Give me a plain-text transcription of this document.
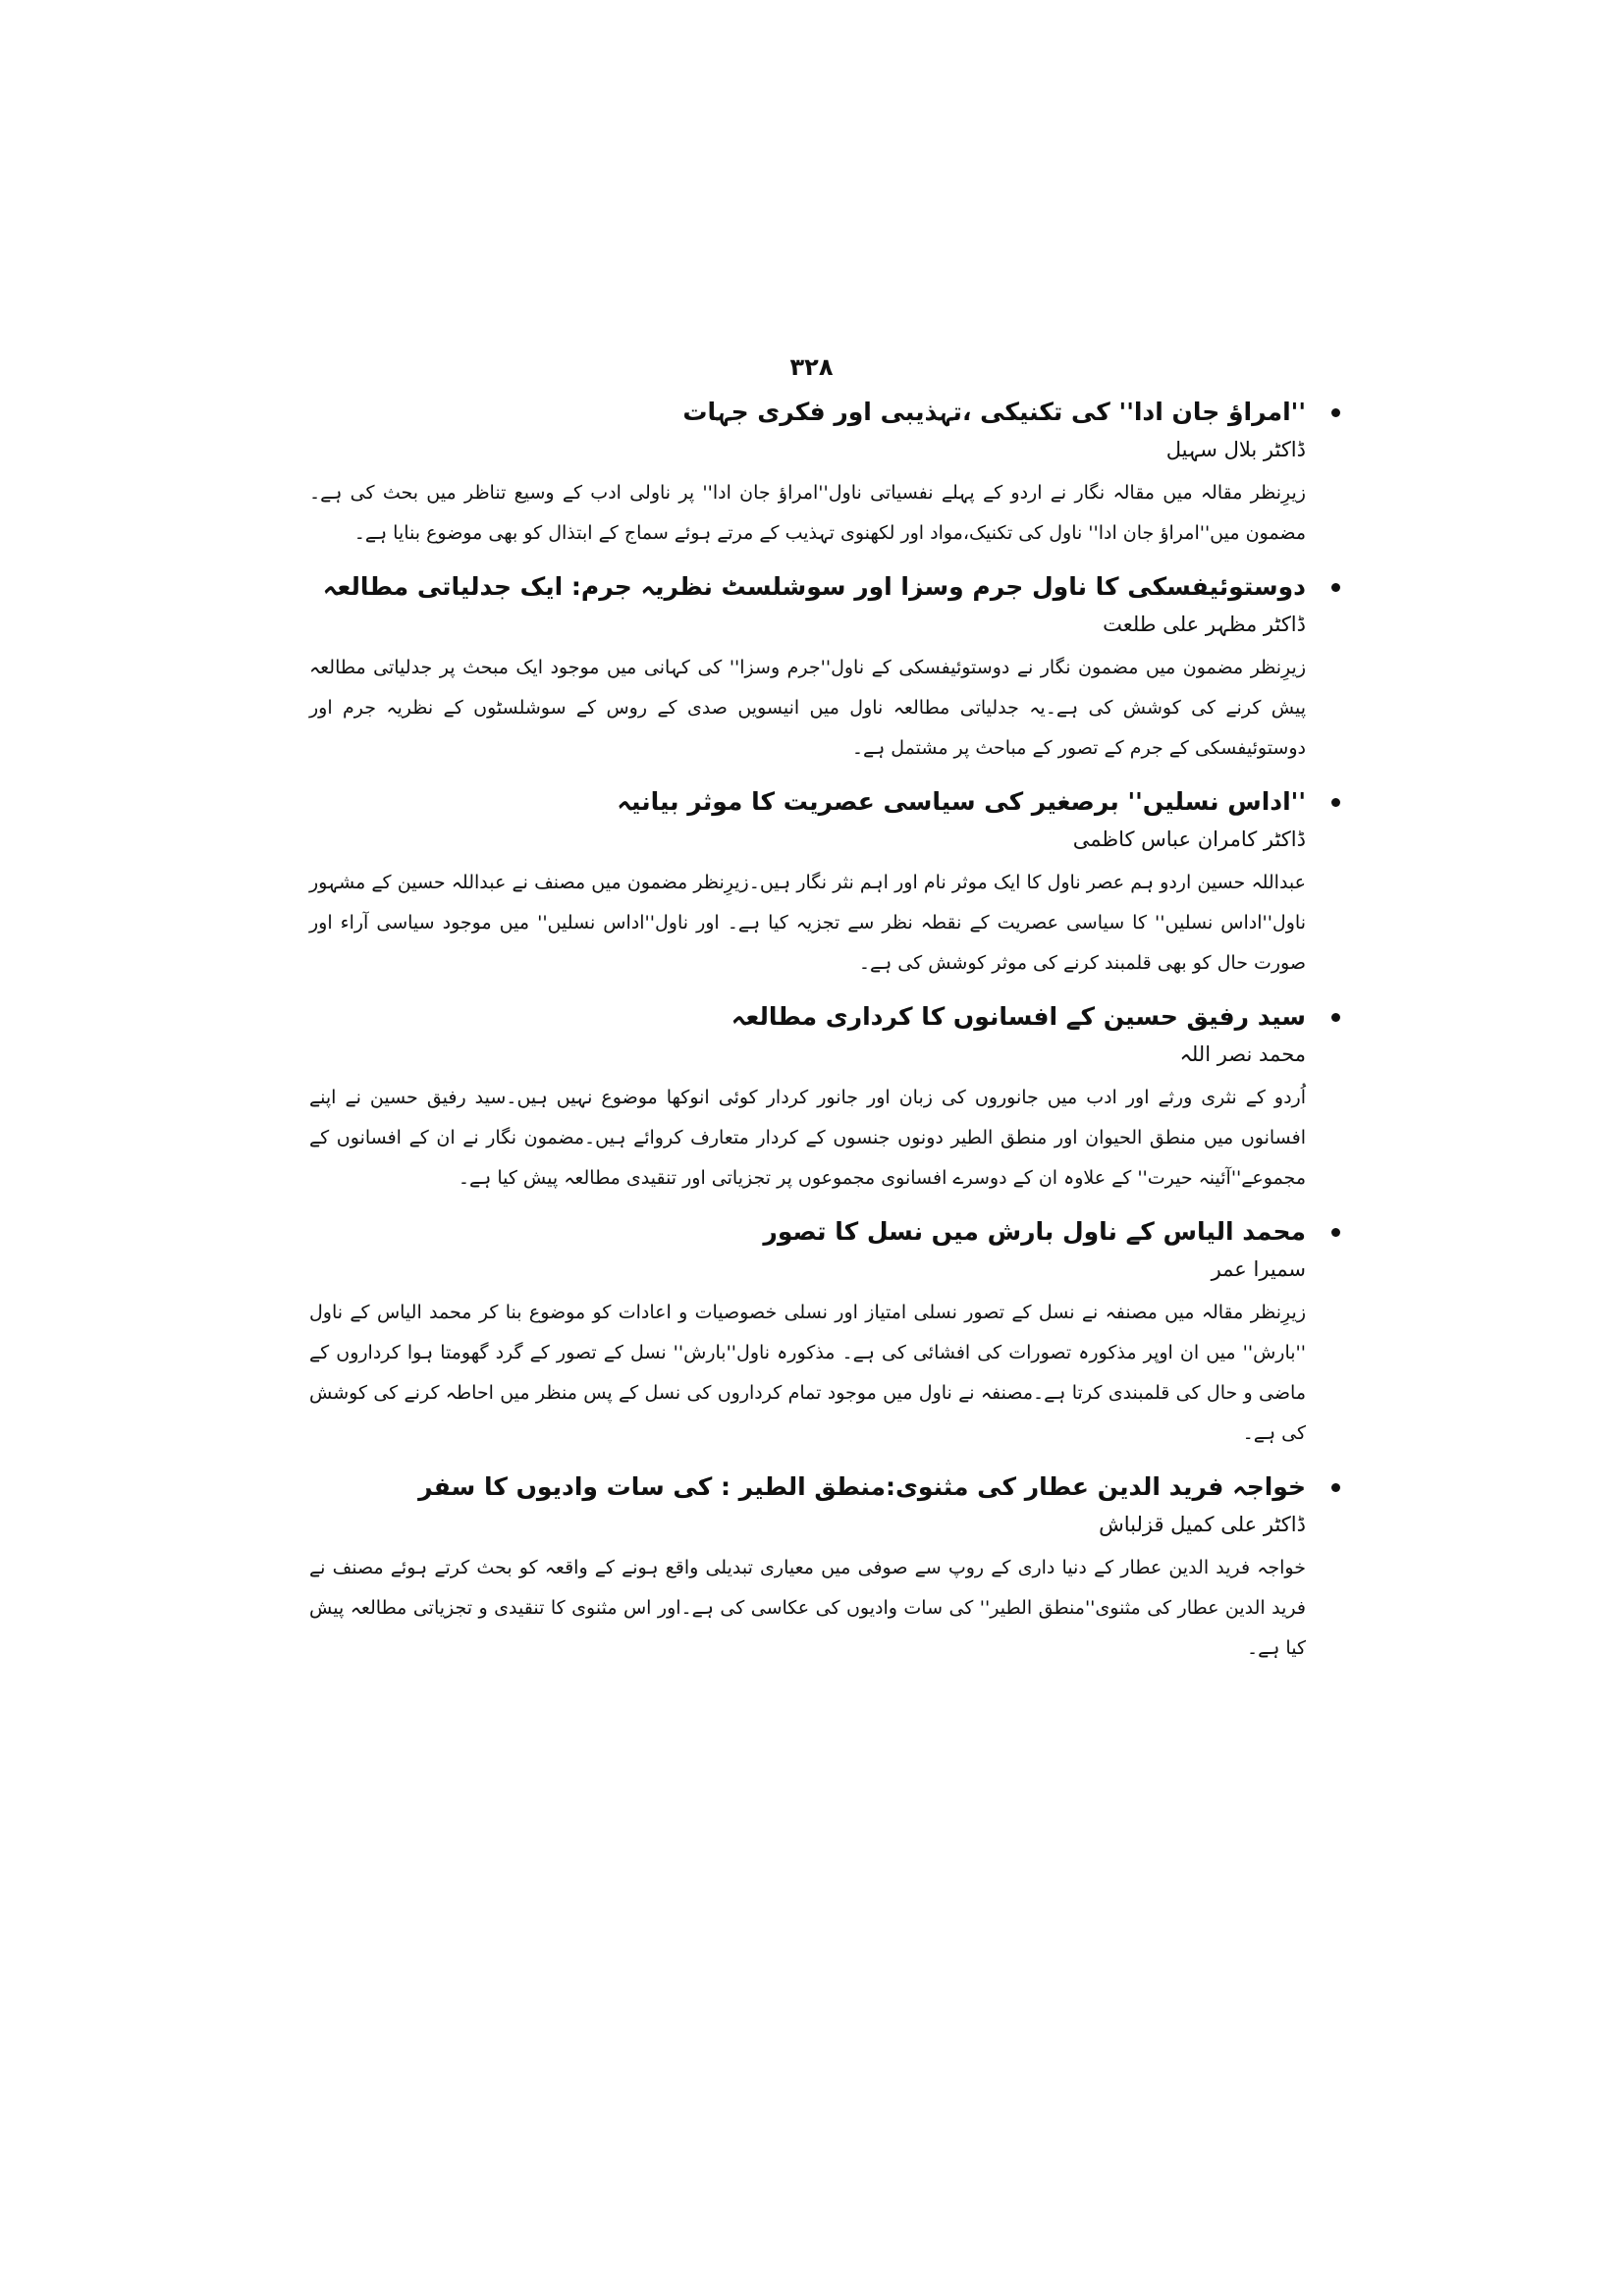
۳۲۸
''امراؤ جان ادا'' کی تکنیکی ،تہذیبی اور فکری جہات
ڈاکٹر بلال سہیل

زیرِنظر مقالہ میں مقالہ نگار نے اردو کے پہلے نفسیاتی ناول''امراؤ جان ادا'' پر ناولی ادب کے وسیع تناظر میں بحث کی ہے۔مضمون میں''امراؤ جان ادا'' ناول کی تکنیک،مواد اور لکھنوی تہذیب کے مرتے ہوئے سماج کے ابتذال کو بھی موضوع بنایا ہے۔

دوستوئیفسکی کا ناول جرم وسزا اور سوشلسٹ نظریہ جرم: ایک جدلیاتی مطالعہ
ڈاکٹر مظہر علی طلعت

زیرِنظر مضمون میں مضمون نگار نے دوستوئیفسکی کے ناول''جرم وسزا'' کی کہانی میں موجود ایک مبحث پر جدلیاتی مطالعہ پیش کرنے کی کوشش کی ہے۔یہ جدلیاتی مطالعہ ناول میں انیسویں صدی کے روس کے سوشلسٹوں کے نظریہ جرم اور دوستوئیفسکی کے جرم کے تصور کے مباحث پر مشتمل ہے۔

''اداس نسلیں'' برصغیر کی سیاسی عصریت کا موثر بیانیہ
ڈاکٹر کامران عباس کاظمی

عبداللہ حسین اردو ہم عصر ناول کا ایک موثر نام اور اہم نثر نگار ہیں۔زیرِنظر مضمون میں مصنف نے عبداللہ حسین کے مشہور ناول''اداس نسلیں'' کا سیاسی عصریت کے نقطہ نظر سے تجزیہ کیا ہے۔ اور ناول''اداس نسلیں'' میں موجود سیاسی آراء اور صورت حال کو بھی قلمبند کرنے کی موثر کوشش کی ہے۔

سید رفیق حسین کے افسانوں کا کرداری مطالعہ
محمد نصر اللہ

اُردو کے نثری ورثے اور ادب میں جانوروں کی زبان اور جانور کردار کوئی انوکھا موضوع نہیں ہیں۔سید رفیق حسین نے اپنے افسانوں میں منطق الحیوان اور منطق الطیر دونوں جنسوں کے کردار متعارف کروائے ہیں۔مضمون نگار نے ان کے افسانوں کے مجموعے''آئینہ حیرت'' کے علاوہ ان کے دوسرے افسانوی مجموعوں پر تجزیاتی اور تنقیدی مطالعہ پیش کیا ہے۔

محمد الیاس کے ناول بارش میں نسل کا تصور
سمیرا عمر

زیرِنظر مقالہ میں مصنفہ نے نسل کے تصور نسلی امتیاز اور نسلی خصوصیات و اعادات کو موضوع بنا کر محمد الیاس کے ناول ''بارش'' میں ان اوپر مذکورہ تصورات کی افشائی کی ہے۔ مذکورہ ناول''بارش'' نسل کے تصور کے گرد گھومتا ہوا کرداروں کے ماضی و حال کی قلمبندی کرتا ہے۔مصنفہ نے ناول میں موجود تمام کرداروں کی نسل کے پس منظر میں احاطہ کرنے کی کوشش کی ہے۔

خواجہ فرید الدین عطار کی مثنوی:منطق الطیر : کی سات وادیوں کا سفر
ڈاکٹر علی کمیل قزلباش

خواجہ فرید الدین عطار کے دنیا داری کے روپ سے صوفی میں معیاری تبدیلی واقع ہونے کے واقعہ کو بحث کرتے ہوئے مصنف نے فرید الدین عطار کی مثنوی''منطق الطیر'' کی سات وادیوں کی عکاسی کی ہے۔اور اس مثنوی کا تنقیدی و تجزیاتی مطالعہ پیش کیا ہے۔
